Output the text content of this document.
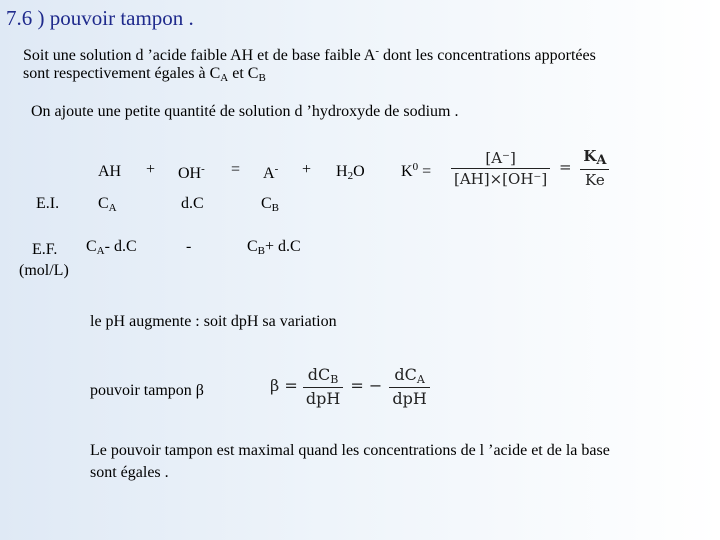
7.6 ) pouvoir tampon .
Soit une solution d ’acide faible AH et de base faible A- dont les concentrations apportées
sont respectivement égales à $C_A$ et $C_B$
On ajoute une petite quantité de solution d ’hydroxyde de sodium .
AH + $OH^- = A^- + H_2O$ $K^0 = \frac{[A^-]}{[AH]\times[OH^-]} = \frac{K_A}{Ke}$
E.I. $C_A$	d.C	$C_B$
E.F.
(mol/L)
$C_A-$ d.C	-	$C_B+ d.C$
le pH augmente : soit dpH sa variation
pouvoir tampon β	$\beta = \frac{dC_B}{\text{dpH}}$ = − $\frac{dC_A}{\text{dpH}}$
Le pouvoir tampon est maximal quand les concentrations de l ’acide et de la base
sont égales .
